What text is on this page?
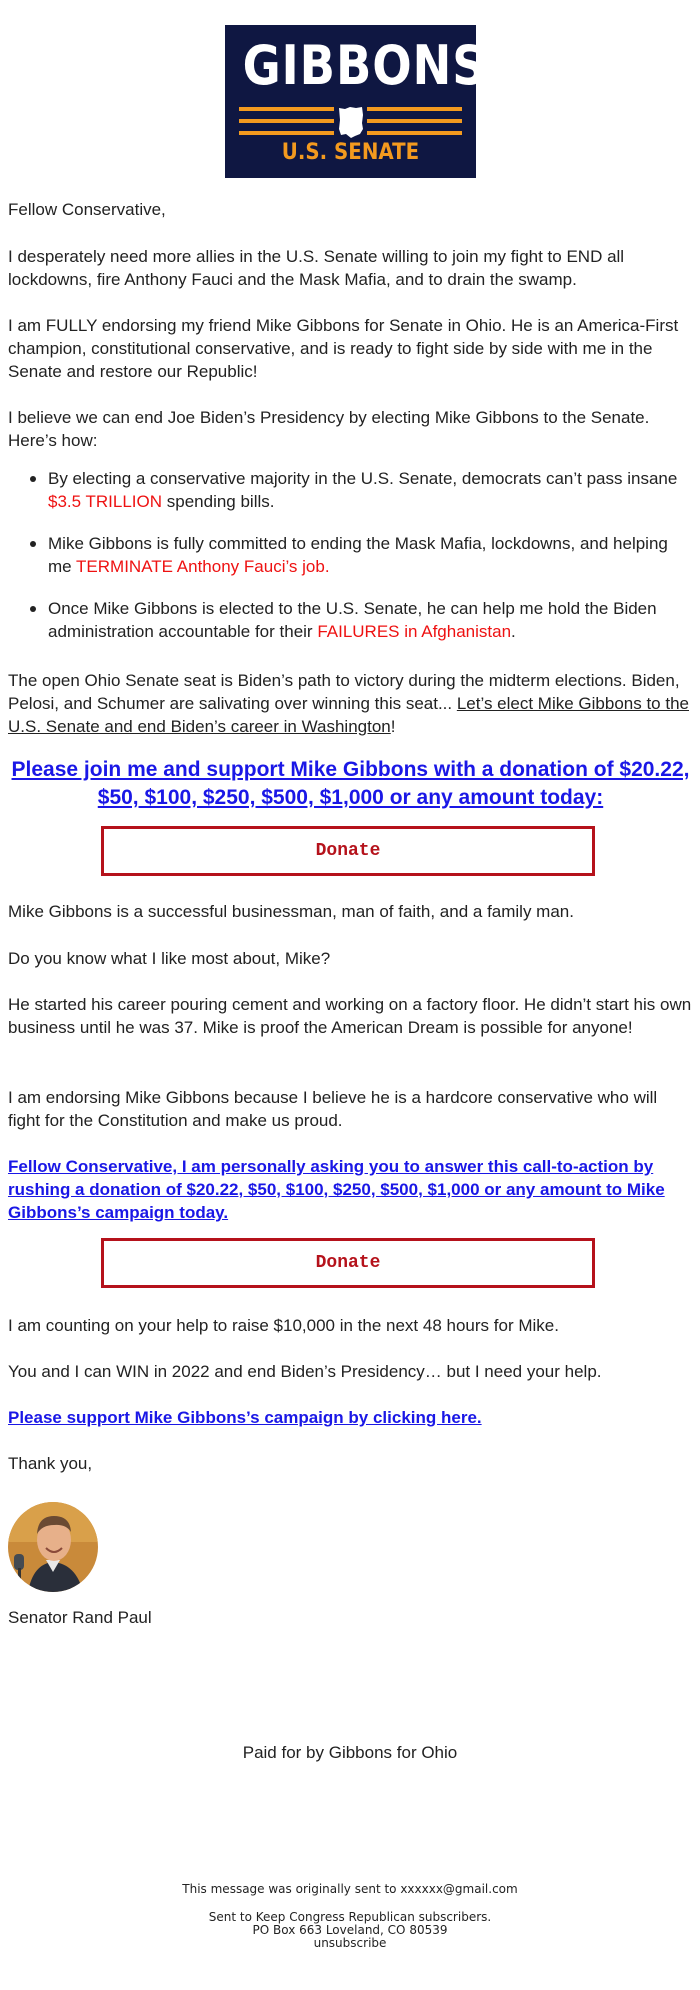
GIBBONS
U.S. SENATE
Fellow Conservative,
I desperately need more allies in the U.S. Senate willing to join my fight to END all lockdowns, fire Anthony Fauci and the Mask Mafia, and to drain the swamp.
I am FULLY endorsing my friend Mike Gibbons for Senate in Ohio. He is an America-First champion, constitutional conservative, and is ready to fight side by side with me in the Senate and restore our Republic!
I believe we can end Joe Biden’s Presidency by electing Mike Gibbons to the Senate. Here’s how:
By electing a conservative majority in the U.S. Senate, democrats can’t pass insane $3.5 TRILLION spending bills.
Mike Gibbons is fully committed to ending the Mask Mafia, lockdowns, and helping me TERMINATE Anthony Fauci’s job.
Once Mike Gibbons is elected to the U.S. Senate, he can help me hold the Biden administration accountable for their FAILURES in Afghanistan.
The open Ohio Senate seat is Biden’s path to victory during the midterm elections. Biden, Pelosi, and Schumer are salivating over winning this seat... Let’s elect Mike Gibbons to the U.S. Senate and end Biden’s career in Washington!
Please join me and support Mike Gibbons with a donation of $20.22, $50, $100, $250, $500, $1,000 or any amount today:
Donate
Mike Gibbons is a successful businessman, man of faith, and a family man.
Do you know what I like most about, Mike?
He started his career pouring cement and working on a factory floor. He didn’t start his own business until he was 37. Mike is proof the American Dream is possible for anyone!
I am endorsing Mike Gibbons because I believe he is a hardcore conservative who will fight for the Constitution and make us proud.
Fellow Conservative, I am personally asking you to answer this call-to-action by rushing a donation of $20.22, $50, $100, $250, $500, $1,000 or any amount to Mike Gibbons’s campaign today.
Donate
I am counting on your help to raise $10,000 in the next 48 hours for Mike.
You and I can WIN in 2022 and end Biden’s Presidency… but I need your help.
Please support Mike Gibbons’s campaign by clicking here.
Thank you,
Senator Rand Paul
Paid for by Gibbons for Ohio
This message was originally sent to xxxxxx@gmail.com
Sent to Keep Congress Republican subscribers.
PO Box 663 Loveland, CO 80539
unsubscribe
